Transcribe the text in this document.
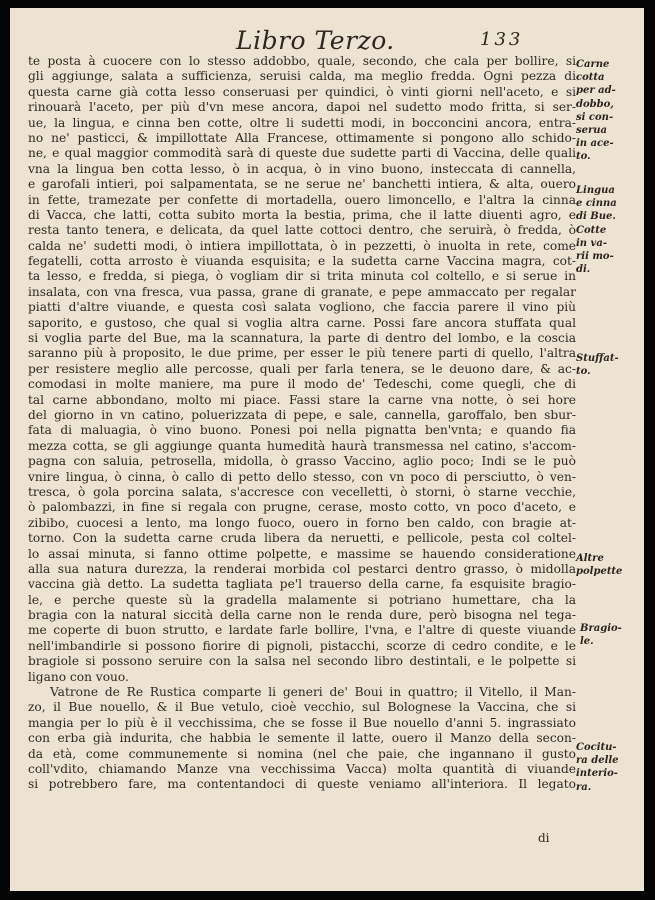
Libro Terzo.	133
te posta à cuocere con lo stesso addobbo, quale, secondo, che cala per bollire, si
gli aggiunge, salata a sufficienza, seruisi calda, ma meglio fredda. Ogni pezza di
questa carne già cotta lesso conseruasi per quindici, ò vinti giorni nell'aceto, e si
rinouarà l'aceto, per più d'vn mese ancora, dapoi nel sudetto modo fritta, si ser-
ue, la lingua, e cinna ben cotte, oltre li sudetti modi, in bocconcini ancora, entra-
no ne' pasticci, & impillottate Alla Francese, ottimamente si pongono allo schido-
ne, e qual maggior commodità sarà di queste due sudette parti di Vaccina, delle quali
vna la lingua ben cotta lesso, ò in acqua, ò in vino buono, insteccata di cannella,
e garofali intieri, poi salpamentata, se ne serue ne' banchetti intiera, & alta, ouero
in fette, tramezate per confette di mortadella, ouero limoncello, e l'altra la cinna
di Vacca, che latti, cotta subito morta la bestia, prima, che il latte diuenti agro, e
resta tanto tenera, e delicata, da quel latte cottoci dentro, che seruirà, ò fredda, ò
calda ne' sudetti modi, ò intiera impillottata, ò in pezzetti, ò inuolta in rete, come
fegatelli, cotta arrosto è viuanda esquisita; e la sudetta carne Vaccina magra, cot-
ta lesso, e fredda, si piega, ò vogliam dir si trita minuta col coltello, e si serue in
insalata, con vna fresca, vua passa, grane di granate, e pepe ammaccato per regalar
piatti d'altre viuande, e questa così salata vogliono, che faccia parere il vino più
saporito, e gustoso, che qual si voglia altra carne. Possi fare ancora stuffata qual
si voglia parte del Bue, ma la scannatura, la parte di dentro del lombo, e la coscia
saranno più à proposito, le due prime, per esser le più tenere parti di quello, l'altra
per resistere meglio alle percosse, quali per farla tenera, se le deuono dare, & ac-
comodasi in molte maniere, ma pure il modo de' Tedeschi, come quegli, che di
tal carne abbondano, molto mi piace. Fassi stare la carne vna notte, ò sei hore
del giorno in vn catino, poluerizzata di pepe, e sale, cannella, garoffalo, ben sbur-
fata di maluagia, ò vino buono. Ponesi poi nella pignatta ben'vnta; e quando fia
mezza cotta, se gli aggiunge quanta humedità haurà transmessa nel catino, s'accom-
pagna con saluia, petrosella, midolla, ò grasso Vaccino, aglio poco; Indi se le può
vnire lingua, ò cinna, ò callo di petto dello stesso, con vn poco di persciutto, ò ven-
tresca, ò gola porcina salata, s'accresce con vecelletti, ò storni, ò starne vecchie,
ò palombazzi, in fine si regala con prugne, cerase, mosto cotto, vn poco d'aceto, e
zibibo, cuocesi a lento, ma longo fuoco, ouero in forno ben caldo, con bragie at-
torno. Con la sudetta carne cruda libera da neruetti, e pellicole, pesta col coltel-
lo assai minuta, si fanno ottime polpette, e massime se hauendo consideratione
alla sua natura durezza, la renderai morbida col pestarci dentro grasso, ò midolla
vaccina già detto. La sudetta tagliata pe'l trauerso della carne, fa esquisite bragio-
le, e perche queste sù la gradella malamente si potriano humettare, cha la
bragia con la natural siccità della carne non le renda dure, però bisogna nel tega-
me coperte di buon strutto, e lardate farle bollire, l'vna, e l'altre di queste viuande
nell'imbandirle si possono fiorire di pignoli, pistacchi, scorze di cedro condite, e le
bragiole si possono seruire con la salsa nel secondo libro destintali, e le polpette si
ligano con vouo.
Vatrone de Re Rustica comparte li generi de' Boui in quattro; il Vitello, il Man-
zo, il Bue nouello, & il Bue vetulo, cioè vecchio, sul Bolognese la Vaccina, che si
mangia per lo più è il vecchissima, che se fosse il Bue nouello d'anni 5. ingrassiato
con erba già indurita, che habbia le semente il latte, ouero il Manzo della secon-
da età, come communemente si nomina (nel che paie, che ingannano il gusto
coll'vdito, chiamando Manze vna vecchissima Vacca) molta quantità di viuande
si potrebbero fare, ma contentandoci di queste veniamo all'interiora. Il legato
Carne
cotta
per ad-
dobbo,
si con-
serua
in ace-
to.
Lingua
e cinna
di Bue.
Cotte
in va-
rii mo-
di.
Stuffat-
to.
Altre
polpette
Bragio-
le.
Cocitu-
ra delle
interio-
ra.
di
